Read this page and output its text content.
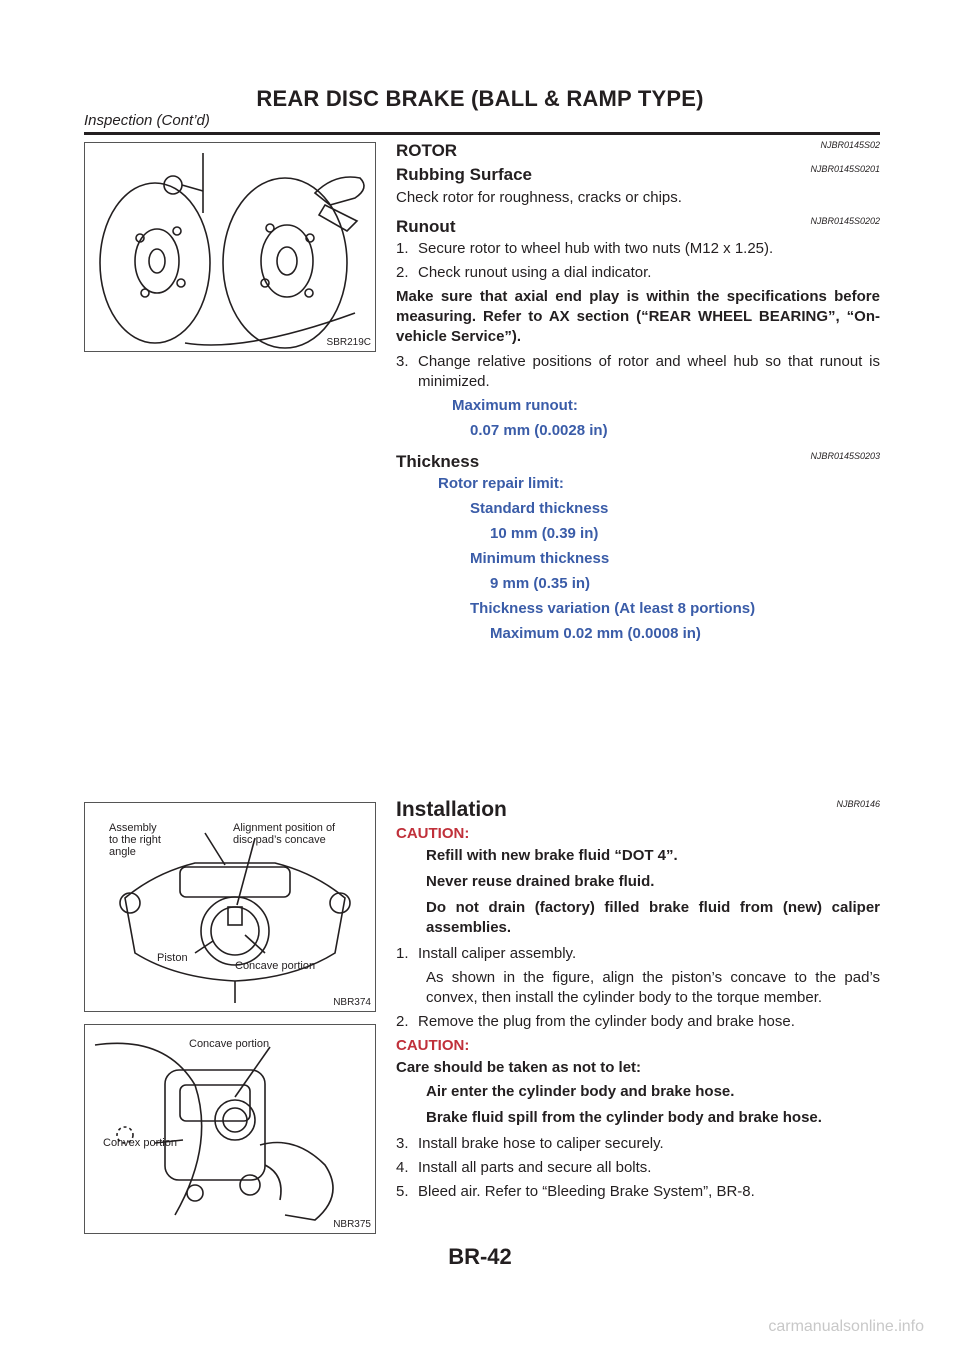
REAR DISC BRAKE (BALL & RAMP TYPE)
Inspection (Cont’d)
SBR219C
Assembly
to the right
angle
Alignment position of
disc pad’s concave
Piston
Concave portion
NBR374
Concave portion
Convex portion
NBR375
ROTOR	NJBR0145S02
Rubbing Surface	NJBR0145S0201

Check rotor for roughness, cracks or chips.

Runout	NJBR0145S0202
1. Secure rotor to wheel hub with two nuts (M12 x 1.25).
2. Check runout using a dial indicator.
Make sure that axial end play is within the specifications before measuring. Refer to AX section (“REAR WHEEL BEARING”, “On-vehicle Service”).
3. Change relative positions of rotor and wheel hub so that runout is minimized.
Maximum runout:
0.07 mm (0.0028 in)
Thickness	NJBR0145S0203
Rotor repair limit:
Standard thickness
10 mm (0.39 in)
Minimum thickness
9 mm (0.35 in)
Thickness variation (At least 8 portions)
Maximum 0.02 mm (0.0008 in)
Installation	NJBR0146
CAUTION:
Refill with new brake fluid “DOT 4”.
Never reuse drained brake fluid.
Do not drain (factory) filled brake fluid from (new) caliper assemblies.
1. Install caliper assembly.
As shown in the figure, align the piston’s concave to the pad’s convex, then install the cylinder body to the torque member.
2. Remove the plug from the cylinder body and brake hose.
CAUTION:
Care should be taken as not to let:
Air enter the cylinder body and brake hose.
Brake fluid spill from the cylinder body and brake hose.
3. Install brake hose to caliper securely.
4. Install all parts and secure all bolts.
5. Bleed air. Refer to “Bleeding Brake System”, BR-8.
BR-42
carmanualsonline.info
